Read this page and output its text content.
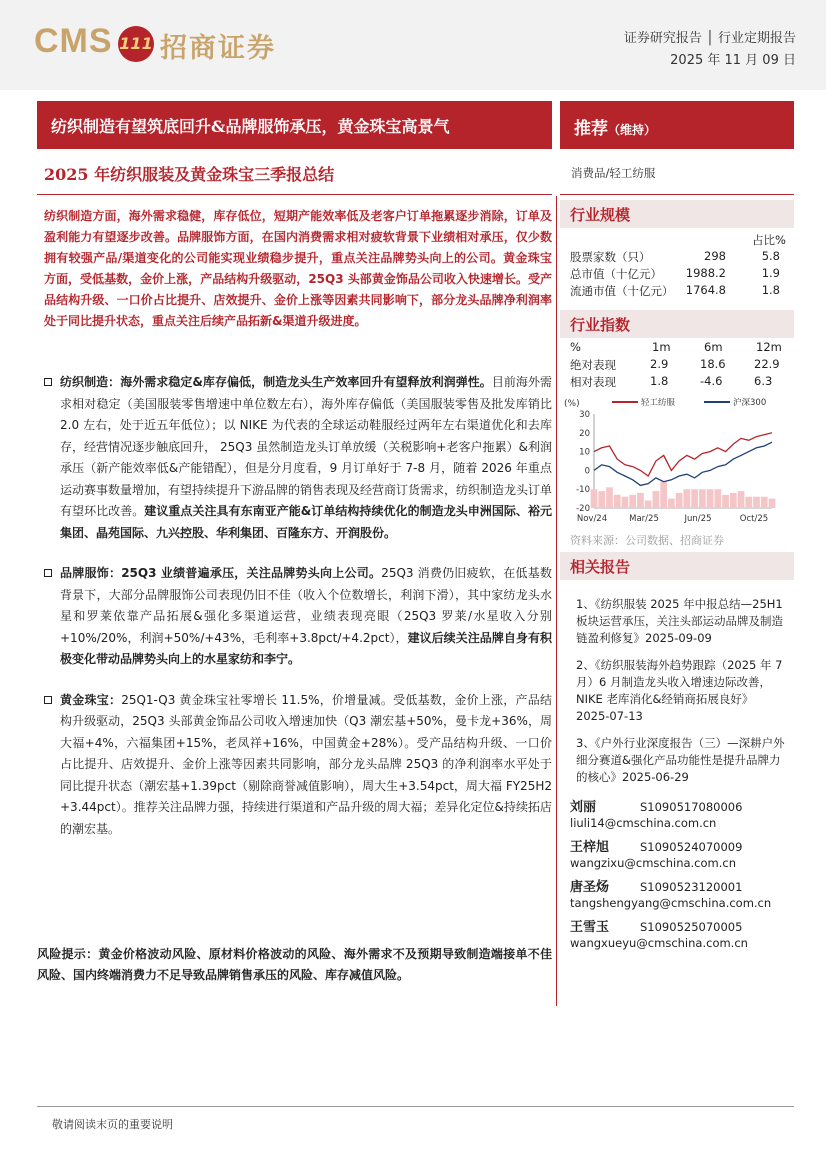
CMS 111 招商证券	证券研究报告 │ 行业定期报告
2025 年 11 月 09 日
纺织制造有望筑底回升&品牌服饰承压，黄金珠宝高景气	推荐（维持）
2025 年纺织服装及黄金珠宝三季报总结	消费品/轻工纺服
纺织制造方面，海外需求稳健，库存低位，短期产能效率低及老客户订单拖累逐步消除，订单及盈利能力有望逐步改善。品牌服饰方面，在国内消费需求相对疲软背景下业绩相对承压，仅少数拥有较强产品/渠道变化的公司能实现业绩稳步提升，重点关注品牌势头向上的公司。黄金珠宝方面，受低基数，金价上涨，产品结构升级驱动，25Q3 头部黄金饰品公司收入快速增长。受产品结构升级、一口价占比提升、店效提升、金价上涨等因素共同影响下，部分龙头品牌净利润率处于同比提升状态，重点关注后续产品拓新&渠道升级进度。
纺织制造：海外需求稳定&库存偏低，制造龙头生产效率回升有望释放利润弹性。目前海外需求相对稳定（美国服装零售增速中单位数左右），海外库存偏低（美国服装零售及批发库销比 2.0 左右，处于近五年低位）；以 NIKE 为代表的全球运动鞋服经过两年左右渠道优化和去库存，经营情况逐步触底回升， 25Q3 虽然制造龙头订单放缓（关税影响+老客户拖累）&利润承压（新产能效率低&产能错配），但是分月度看，9 月订单好于 7-8 月，随着 2026 年重点运动赛事数量增加，有望持续提升下游品牌的销售表现及经营商订货需求，纺织制造龙头订单有望环比改善。建议重点关注具有东南亚产能&订单结构持续优化的制造龙头申洲国际、裕元集团、晶苑国际、九兴控股、华利集团、百隆东方、开润股份。
品牌服饰：25Q3 业绩普遍承压，关注品牌势头向上公司。25Q3 消费仍旧疲软，在低基数背景下，大部分品牌服饰公司表现仍旧不佳（收入个位数增长，利润下滑），其中家纺龙头水星和罗莱依靠产品拓展&强化多渠道运营，业绩表现亮眼（25Q3 罗莱/水星收入分别+10%/20%，利润+50%/+43%，毛利率+3.8pct/+4.2pct），建议后续关注品牌自身有积极变化带动品牌势头向上的水星家纺和李宁。
黄金珠宝：25Q1-Q3 黄金珠宝社零增长 11.5%，价增量减。受低基数，金价上涨，产品结构升级驱动，25Q3 头部黄金饰品公司收入增速加快（Q3 潮宏基+50%，曼卡龙+36%，周大福+4%，六福集团+15%，老凤祥+16%，中国黄金+28%）。受产品结构升级、一口价占比提升、店效提升、金价上涨等因素共同影响，部分龙头品牌 25Q3 的净利润率水平处于同比提升状态（潮宏基+1.39pct（剔除商誉减值影响），周大生+3.54pct，周大福 FY25H2 +3.44pct）。推荐关注品牌力强，持续进行渠道和产品升级的周大福；差异化定位&持续拓店的潮宏基。
风险提示：黄金价格波动风险、原材料价格波动的风险、海外需求不及预期导致制造端接单不佳风险、国内终端消费力不足导致品牌销售承压的风险、库存减值风险。
行业规模
占比%
股票家数（只）	298	5.8
总市值（十亿元） 1988.2	1.9
流通市值（十亿元） 1764.8	1.8
行业指数
%	1m	6m	12m
绝对表现	2.9	18.6 22.9
相对表现	1.8	-4.6	6.3
(%)	轻工纺服	沪深300
30
20
10
0
-10
-20
Nov/24	Mar/25	Jun/25	Oct/25
资料来源：公司数据、招商证券
相关报告
1、《纺织服装 2025 年中报总结—25H1 板块运营承压，关注头部运动品牌及制造链盈利修复》2025-09-09
2、《纺织服装海外趋势跟踪（2025 年 7 月）6 月制造龙头收入增速边际改善，NIKE 老库消化&经销商拓展良好》2025-07-13
3、《户外行业深度报告（三）—深耕户外细分赛道&强化产品功能性是提升品牌力的核心》2025-06-29
刘丽	S1090517080006
liuli14@cmschina.com.cn
王梓旭	S1090524070009
wangzixu@cmschina.com.cn
唐圣炀	S1090523120001
tangshengyang@cmschina.com.cn
王雪玉	S1090525070005
wangxueyu@cmschina.com.cn
敬请阅读末页的重要说明
